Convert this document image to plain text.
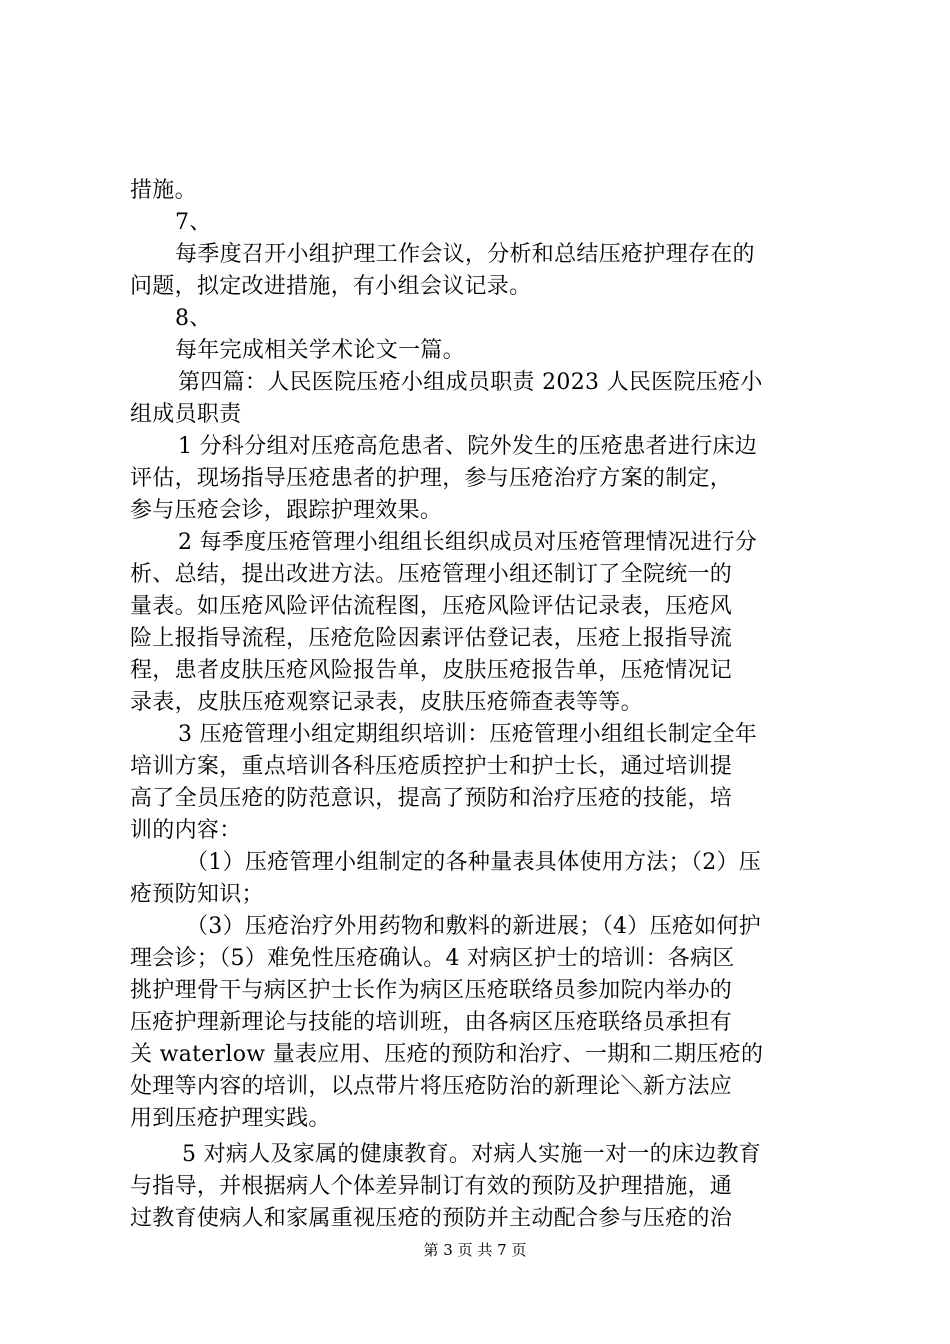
措施。
7、
每季度召开小组护理工作会议，分析和总结压疮护理存在的
问题，拟定改进措施，有小组会议记录。
8、
每年完成相关学术论文一篇。
第四篇：人民医院压疮小组成员职责 2023 人民医院压疮小
组成员职责
1 分科分组对压疮高危患者、院外发生的压疮患者进行床边
评估，现场指导压疮患者的护理，参与压疮治疗方案的制定，
参与压疮会诊，跟踪护理效果。
2 每季度压疮管理小组组长组织成员对压疮管理情况进行分
析、总结，提出改进方法。压疮管理小组还制订了全院统一的
量表。如压疮风险评估流程图，压疮风险评估记录表，压疮风
险上报指导流程，压疮危险因素评估登记表，压疮上报指导流
程，患者皮肤压疮风险报告单，皮肤压疮报告单，压疮情况记
录表，皮肤压疮观察记录表，皮肤压疮筛查表等等。
3 压疮管理小组定期组织培训：压疮管理小组组长制定全年
培训方案，重点培训各科压疮质控护士和护士长，通过培训提
高了全员压疮的防范意识，提高了预防和治疗压疮的技能，培
训的内容：
（1）压疮管理小组制定的各种量表具体使用方法；（2）压
疮预防知识；
（3）压疮治疗外用药物和敷料的新进展；（4）压疮如何护
理会诊；（5）难免性压疮确认。4 对病区护士的培训：各病区
挑护理骨干与病区护士长作为病区压疮联络员参加院内举办的
压疮护理新理论与技能的培训班，由各病区压疮联络员承担有
关 waterlow 量表应用、压疮的预防和治疗、一期和二期压疮的
处理等内容的培训，以点带片将压疮防治的新理论＼新方法应
用到压疮护理实践。
5 对病人及家属的健康教育。对病人实施一对一的床边教育
与指导，并根据病人个体差异制订有效的预防及护理措施，通
过教育使病人和家属重视压疮的预防并主动配合参与压疮的治
第 3 页 共 7 页
